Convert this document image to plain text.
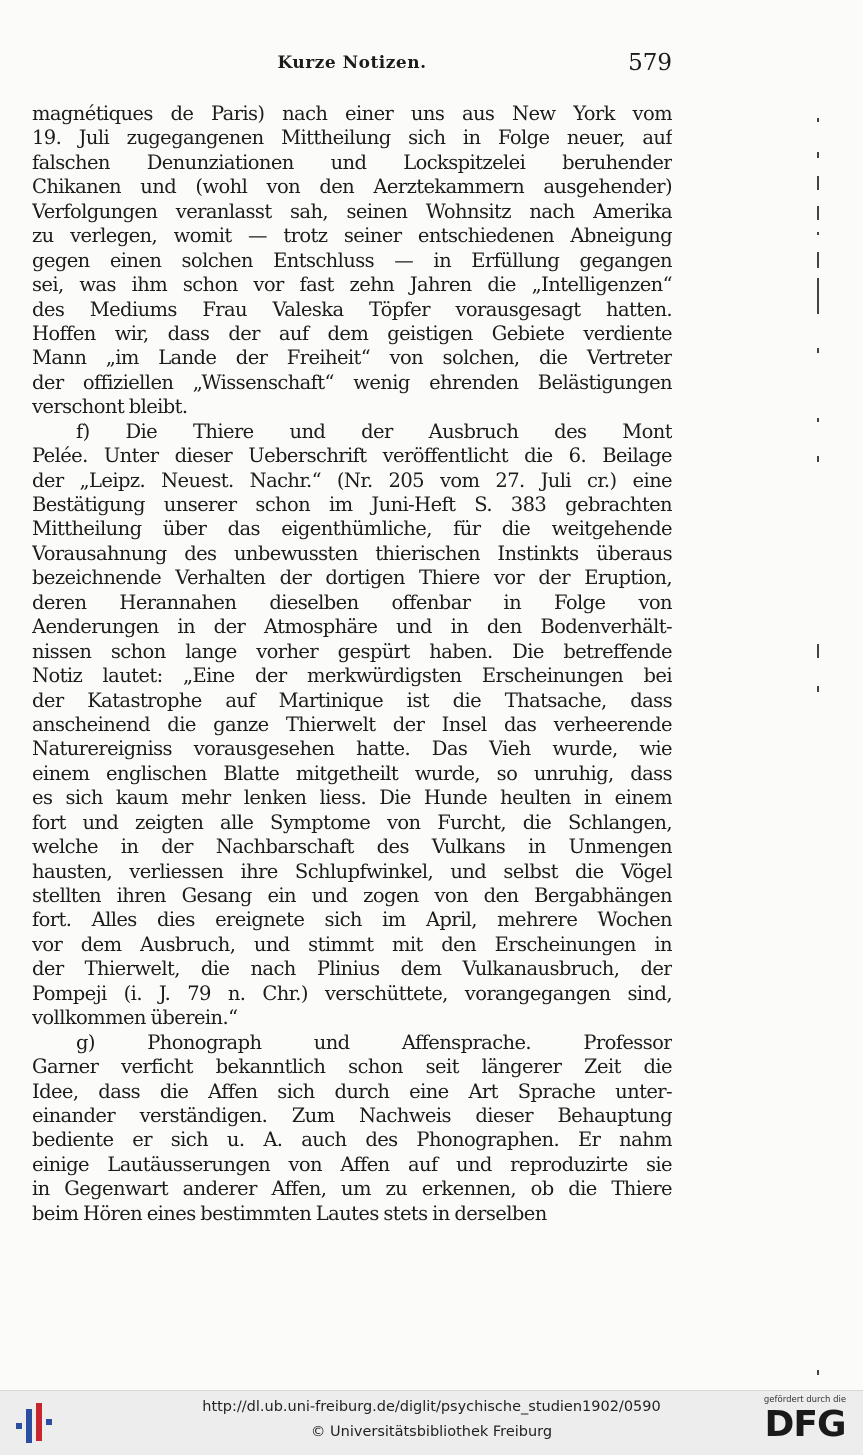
Kurze Notizen.	579
magnétiques de Paris) nach einer uns aus New York vom
19. Juli zugegangenen Mittheilung sich in Folge neuer, auf
falschen Denunziationen und Lockspitzelei beruhender
Chikanen und (wohl von den Aerztekammern ausgehender)
Verfolgungen veranlasst sah, seinen Wohnsitz nach Amerika
zu verlegen, womit — trotz seiner entschiedenen Abneigung
gegen einen solchen Entschluss — in Erfüllung gegangen
sei, was ihm schon vor fast zehn Jahren die „Intelligenzen“
des Mediums Frau Valeska Töpfer vorausgesagt hatten.
Hoffen wir, dass der auf dem geistigen Gebiete verdiente
Mann „im Lande der Freiheit“ von solchen, die Vertreter
der offiziellen „Wissenschaft“ wenig ehrenden Belästigungen
verschont bleibt.
f) Die Thiere und der Ausbruch des Mont
Pelée. Unter dieser Ueberschrift veröffentlicht die 6. Beilage
der „Leipz. Neuest. Nachr.“ (Nr. 205 vom 27. Juli cr.) eine
Bestätigung unserer schon im Juni-Heft S. 383 gebrachten
Mittheilung über das eigenthümliche, für die weitgehende
Vorausahnung des unbewussten thierischen Instinkts überaus
bezeichnende Verhalten der dortigen Thiere vor der Eruption,
deren Herannahen dieselben offenbar in Folge von
Aenderungen in der Atmosphäre und in den Bodenverhält-
nissen schon lange vorher gespürt haben. Die betreffende
Notiz lautet: „Eine der merkwürdigsten Erscheinungen bei
der Katastrophe auf Martinique ist die Thatsache, dass
anscheinend die ganze Thierwelt der Insel das verheerende
Naturereigniss vorausgesehen hatte. Das Vieh wurde, wie
einem englischen Blatte mitgetheilt wurde, so unruhig, dass
es sich kaum mehr lenken liess. Die Hunde heulten in einem
fort und zeigten alle Symptome von Furcht, die Schlangen,
welche in der Nachbarschaft des Vulkans in Unmengen
hausten, verliessen ihre Schlupfwinkel, und selbst die Vögel
stellten ihren Gesang ein und zogen von den Bergabhängen
fort. Alles dies ereignete sich im April, mehrere Wochen
vor dem Ausbruch, und stimmt mit den Erscheinungen in
der Thierwelt, die nach Plinius dem Vulkanausbruch, der
Pompeji (i. J. 79 n. Chr.) verschüttete, vorangegangen sind,
vollkommen überein.“
g) Phonograph und Affensprache. Professor
Garner verficht bekanntlich schon seit längerer Zeit die
Idee, dass die Affen sich durch eine Art Sprache unter-
einander verständigen. Zum Nachweis dieser Behauptung
bediente er sich u. A. auch des Phonographen. Er nahm
einige Lautäusserungen von Affen auf und reproduzirte sie
in Gegenwart anderer Affen, um zu erkennen, ob die Thiere
beim Hören eines bestimmten Lautes stets in derselben
http://dl.ub.uni-freiburg.de/diglit/psychische_studien1902/0590
© Universitätsbibliothek Freiburg
gefördert durch die
DFG
